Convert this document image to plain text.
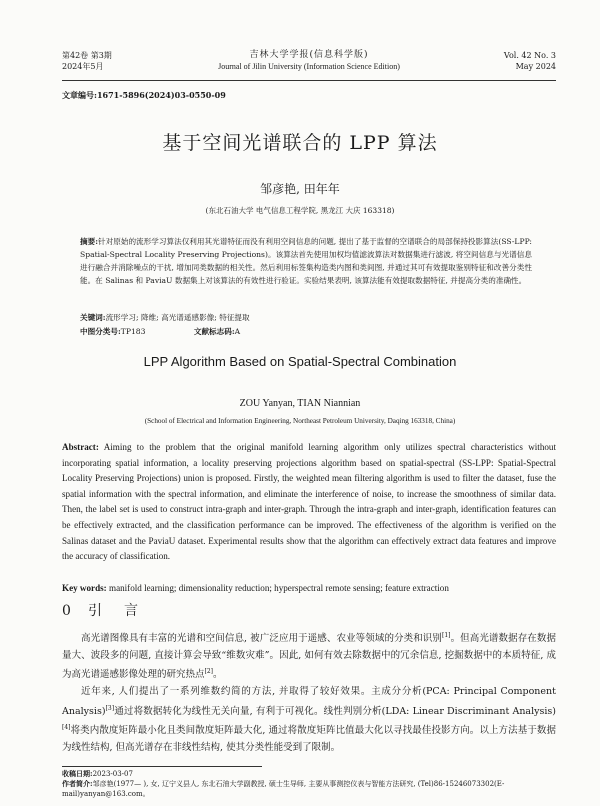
第42卷 第3期
2024年5月
吉林大学学报(信息科学版)
Journal of Jilin University (Information Science Edition)
Vol. 42 No. 3
May 2024
文章编号:1671-5896(2024)03-0550-09
基于空间光谱联合的 LPP 算法
邹彦艳, 田年年
(东北石油大学 电气信息工程学院, 黑龙江 大庆 163318)
摘要:针对原始的流形学习算法仅利用其光谱特征而没有利用空间信息的问题, 提出了基于监督的空谱联合的局部保持投影算法(SS-LPP: Spatial-Spectral Locality Preserving Projections)。该算法首先使用加权均值滤波算法对数据集进行滤波, 将空间信息与光谱信息进行融合并消除噪点的干扰, 增加同类数据的相关性。然后利用标签集构造类内图和类间图, 并通过其可有效提取鉴别特征和改善分类性能。在 Salinas 和 PaviaU 数据集上对该算法的有效性进行验证。实验结果表明, 该算法能有效提取数据特征, 并提高分类的准确性。
关键词:流形学习; 降维; 高光谱遥感影像; 特征提取
中图分类号:TP183	文献标志码:A
LPP Algorithm Based on Spatial-Spectral Combination
ZOU Yanyan, TIAN Niannian
(School of Electrical and Information Engineering, Northeast Petroleum University, Daqing 163318, China)
Abstract: Aiming to the problem that the original manifold learning algorithm only utilizes spectral characteristics without incorporating spatial information, a locality preserving projections algorithm based on spatial-spectral (SS-LPP: Spatial-Spectral Locality Preserving Projections) union is proposed. Firstly, the weighted mean filtering algorithm is used to filter the dataset, fuse the spatial information with the spectral information, and eliminate the interference of noise, to increase the smoothness of similar data. Then, the label set is used to construct intra-graph and inter-graph. Through the intra-graph and inter-graph, identification features can be effectively extracted, and the classification performance can be improved. The effectiveness of the algorithm is verified on the Salinas dataset and the PaviaU dataset. Experimental results show that the algorithm can effectively extract data features and improve the accuracy of classification.
Key words: manifold learning; dimensionality reduction; hyperspectral remote sensing; feature extraction
0 引言

高光谱图像具有丰富的光谱和空间信息, 被广泛应用于遥感、农业等领域的分类和识别[1]。但高光谱数据存在数据量大、波段多的问题, 直接计算会导致“维数灾难”。因此, 如何有效去除数据中的冗余信息, 挖掘数据中的本质特征, 成为高光谱遥感影像处理的研究热点[2]。

近年来, 人们提出了一系列维数约简的方法, 并取得了较好效果。主成分分析(PCA: Principal Component Analysis)[3]通过将数据转化为线性无关向量, 有利于可视化。线性判别分析(LDA: Linear Discriminant Analysis)[4]将类内散度矩阵最小化且类间散度矩阵最大化, 通过将散度矩阵比值最大化以寻找最佳投影方向。以上方法基于数据为线性结构, 但高光谱存在非线性结构, 使其分类性能受到了限制。

收稿日期:2023-03-07
作者简介:邹彦艳(1977— ), 女, 辽宁义县人, 东北石油大学副教授, 硕士生导师, 主要从事测控仪表与智能方法研究, (Tel)86-15246073302(E-mail)yanyan@163.com。
